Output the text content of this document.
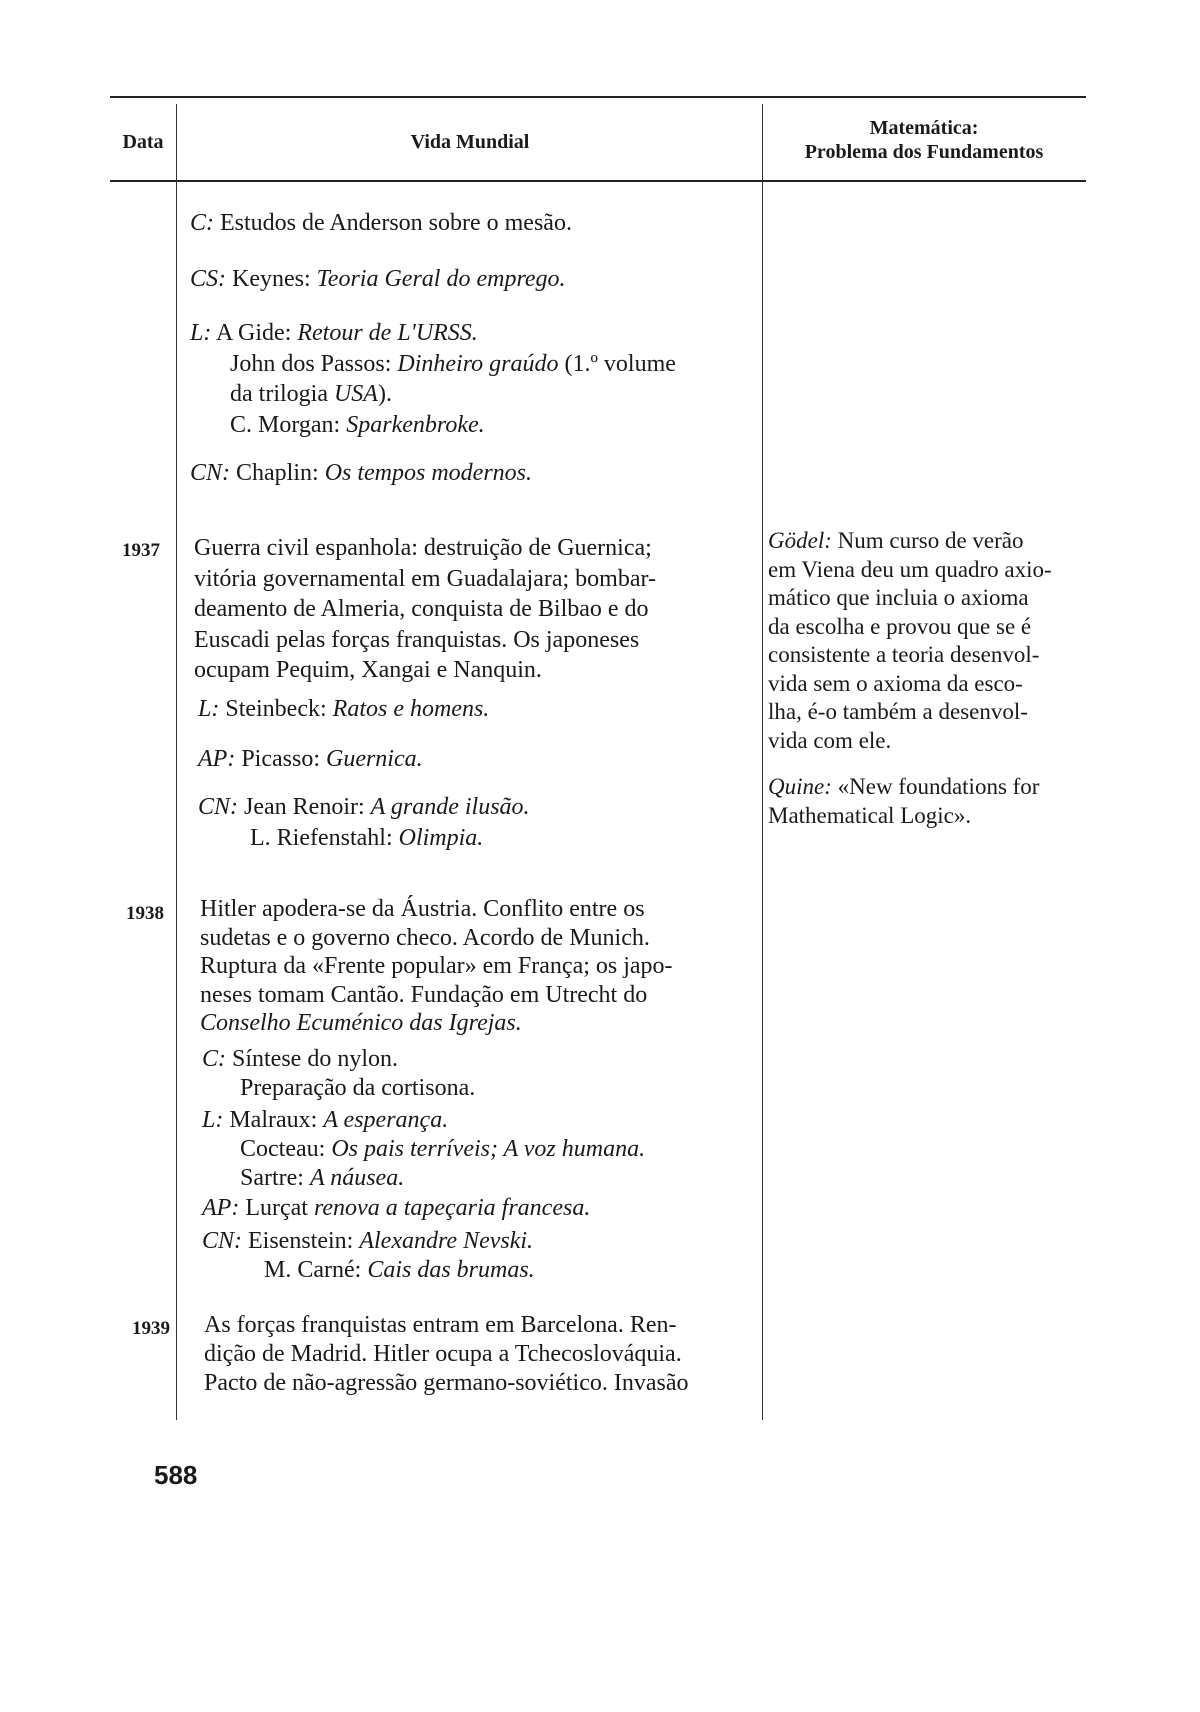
Data	Vida Mundial
Matemática:
Problema dos Fundamentos
C: Estudos de Anderson sobre o mesão.
CS: Keynes: Teoria Geral do emprego.
L: A Gide: Retour de L'URSS.
John dos Passos: Dinheiro graúdo (1.º volume
da trilogia USA).
C. Morgan: Sparkenbroke.
CN: Chaplin: Os tempos modernos.
1937 Guerra civil espanhola: destruição de Guernica;
vitória governamental em Guadalajara; bombar-
deamento de Almeria, conquista de Bilbao e do
Euscadi pelas forças franquistas. Os japoneses
ocupam Pequim, Xangai e Nanquin.
L: Steinbeck: Ratos e homens.
AP: Picasso: Guernica.
CN: Jean Renoir: A grande ilusão.
L. Riefenstahl: Olimpia.
Gödel: Num curso de verão
em Viena deu um quadro axio-
mático que incluia o axioma
da escolha e provou que se é
consistente a teoria desenvol-
vida sem o axioma da esco-
lha, é-o também a desenvol-
vida com ele.
Quine: «New foundations for
Mathematical Logic».
1938 Hitler apodera-se da Áustria. Conflito entre os
sudetas e o governo checo. Acordo de Munich.
Ruptura da «Frente popular» em França; os japo-
neses tomam Cantão. Fundação em Utrecht do
Conselho Ecuménico das Igrejas.
C: Síntese do nylon.
Preparação da cortisona.
L: Malraux: A esperança.
Cocteau: Os pais terríveis; A voz humana.
Sartre: A náusea.
AP: Lurçat renova a tapeçaria francesa.
CN: Eisenstein: Alexandre Nevski.
M. Carné: Cais das brumas.
1939 As forças franquistas entram em Barcelona. Ren-
dição de Madrid. Hitler ocupa a Tchecoslováquia.
Pacto de não-agressão germano-soviético. Invasão
588
